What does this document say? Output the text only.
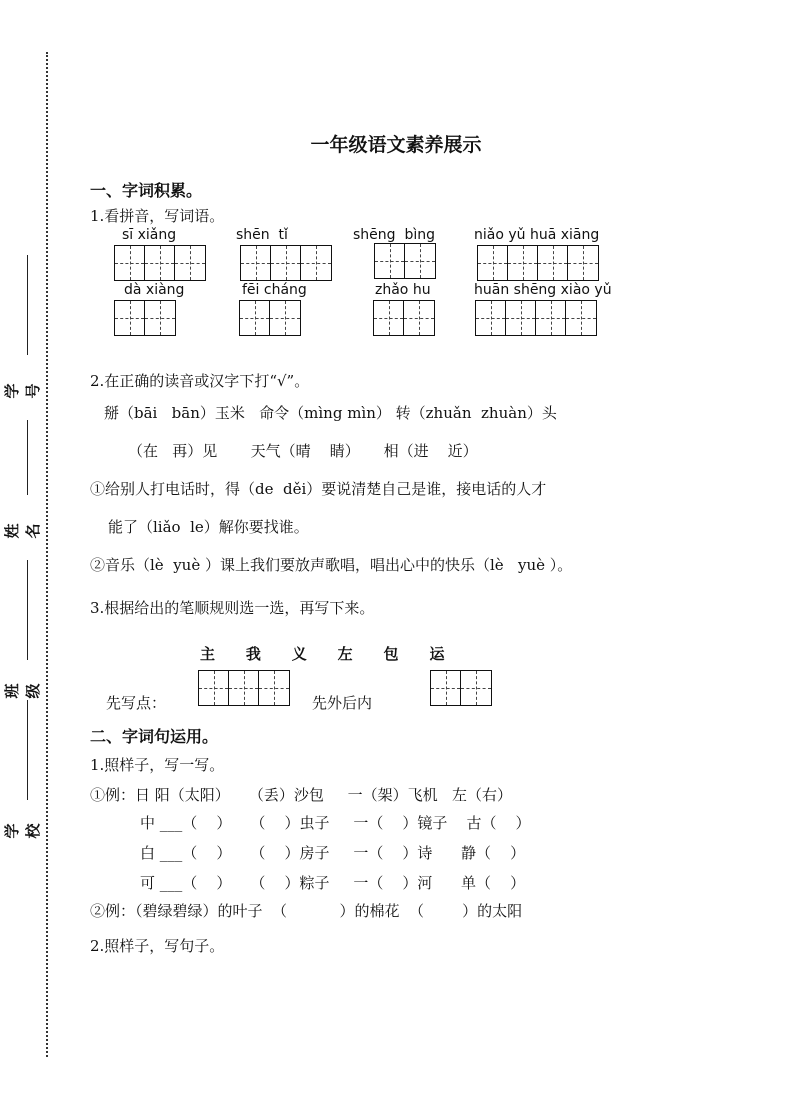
学号
姓名
班级
学校
一年级语文素养展示
一、字词积累。
1.看拼音，写词语。
sī xiǎng	shēn  tǐ	shēng  bìng	niǎo yǔ huā xiāng
dà xiàng	fēi cháng	zhǎo hu	huān shēng xiào yǔ
2.在正确的读音或汉字下打“√”。
掰（bāi   bān）玉米   命令（mìng mìn） 转（zhuǎn  zhuàn）头
（在   再）见       天气（晴    睛）     相（进    近）
①给别人打电话时，得（de  děi）要说清楚自己是谁，接电话的人才
能了（liǎo  le）解你要找谁。
②音乐（lè  yuè ）课上我们要放声歌唱，唱出心中的快乐（lè   yuè ）。
3.根据给出的笔顺规则选一选，再写下来。
主    我    义    左    包    运
先写点：	先外后内
二、字词句运用。
1.照样子，写一写。
①例：日 阳（太阳）    （丢）沙包     一（架）飞机   左（右）
中 ___（    ）    （    ）虫子     一（    ）镜子    古（    ）
白 ___（    ）    （    ）房子     一（    ）诗      静（    ）
可 ___（    ）    （    ）粽子     一（    ）河      单（    ）
②例：（碧绿碧绿）的叶子  （           ）的棉花  （        ）的太阳
2.照样子，写句子。
